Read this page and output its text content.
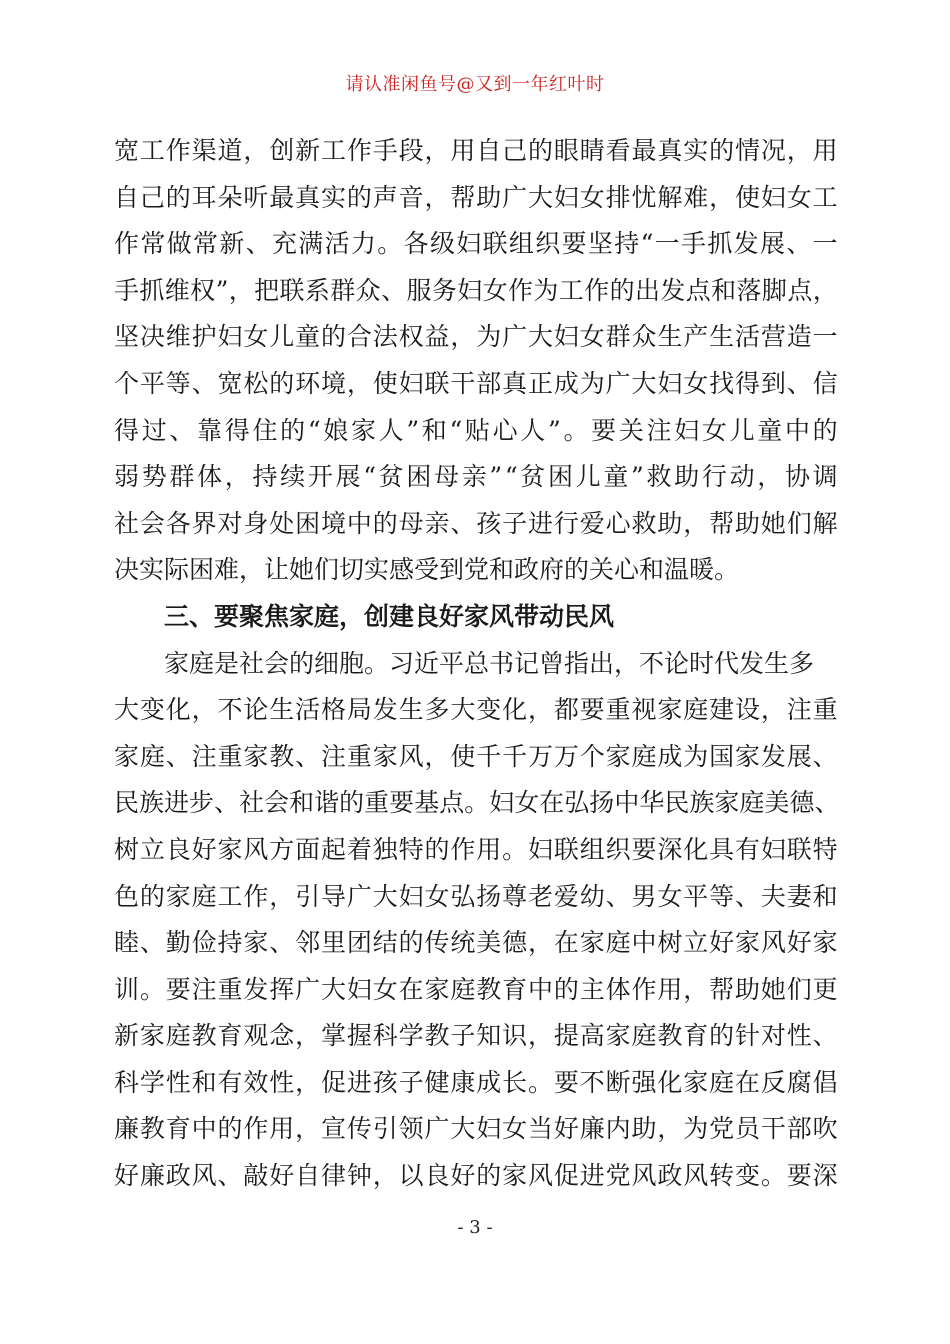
请认准闲鱼号@又到一年红叶时
宽 工 作 渠 道 ， 创 新 工 作 手 段 ， 用 自 己 的 眼 睛 看 最 真 实 的 情 况 ， 用
自 己 的 耳 朵 听 最 真 实 的 声 音 ， 帮 助 广 大 妇 女 排 忧 解 难 ， 使 妇 女 工
作 常 做 常 新 、 充 满 活 力 。 各 级 妇 联 组 织 要 坚 持 “ 一 手 抓 发 展 、 一
手 抓 维 权 ” ， 把 联 系 群 众 、 服 务 妇 女 作 为 工 作 的 出 发 点 和 落 脚 点 ，
坚 决 维 护 妇 女 儿 童 的 合 法 权 益 ， 为 广 大 妇 女 群 众 生 产 生 活 营 造 一
个 平 等 、 宽 松 的 环 境 ， 使 妇 联 干 部 真 正 成 为 广 大 妇 女 找 得 到 、 信
得 过 、 靠 得 住 的 “ 娘 家 人 ” 和 “ 贴 心 人 ” 。 要 关 注 妇 女 儿 童 中 的
弱 势 群 体 ， 持 续 开 展 “ 贫 困 母 亲 ” “ 贫 困 儿 童 ” 救 助 行 动 ， 协 调
社 会 各 界 对 身 处 困 境 中 的 母 亲 、 孩 子 进 行 爱 心 救 助 ， 帮 助 她 们 解
决实际困难，让她们切实感受到党和政府的关心和温暖。
三、要聚焦家庭，创建良好家风带动民风
家庭是社会的细胞。习近平总书记曾指出，不论时代发生多
大 变 化 ， 不 论 生 活 格 局 发 生 多 大 变 化 ， 都 要 重 视 家 庭 建 设 ， 注 重
家 庭 、 注 重 家 教 、 注 重 家 风 ， 使 千 千 万 万 个 家 庭 成 为 国 家 发 展 、
民 族 进 步 、 社 会 和 谐 的 重 要 基 点 。 妇 女 在 弘 扬 中 华 民 族 家 庭 美 德 、
树 立 良 好 家 风 方 面 起 着 独 特 的 作 用 。 妇 联 组 织 要 深 化 具 有 妇 联 特
色 的 家 庭 工 作 ， 引 导 广 大 妇 女 弘 扬 尊 老 爱 幼 、 男 女 平 等 、 夫 妻 和
睦 、 勤 俭 持 家 、 邻 里 团 结 的 传 统 美 德 ， 在 家 庭 中 树 立 好 家 风 好 家
训 。 要 注 重 发 挥 广 大 妇 女 在 家 庭 教 育 中 的 主 体 作 用 ， 帮 助 她 们 更
新 家 庭 教 育 观 念 ， 掌 握 科 学 教 子 知 识 ， 提 高 家 庭 教 育 的 针 对 性 、
科 学 性 和 有 效 性 ， 促 进 孩 子 健 康 成 长 。 要 不 断 强 化 家 庭 在 反 腐 倡
廉 教 育 中 的 作 用 ， 宣 传 引 领 广 大 妇 女 当 好 廉 内 助 ， 为 党 员 干 部 吹
好 廉 政 风 、 敲 好 自 律 钟 ， 以 良 好 的 家 风 促 进 党 风 政 风 转 变 。 要 深
- 3 -
